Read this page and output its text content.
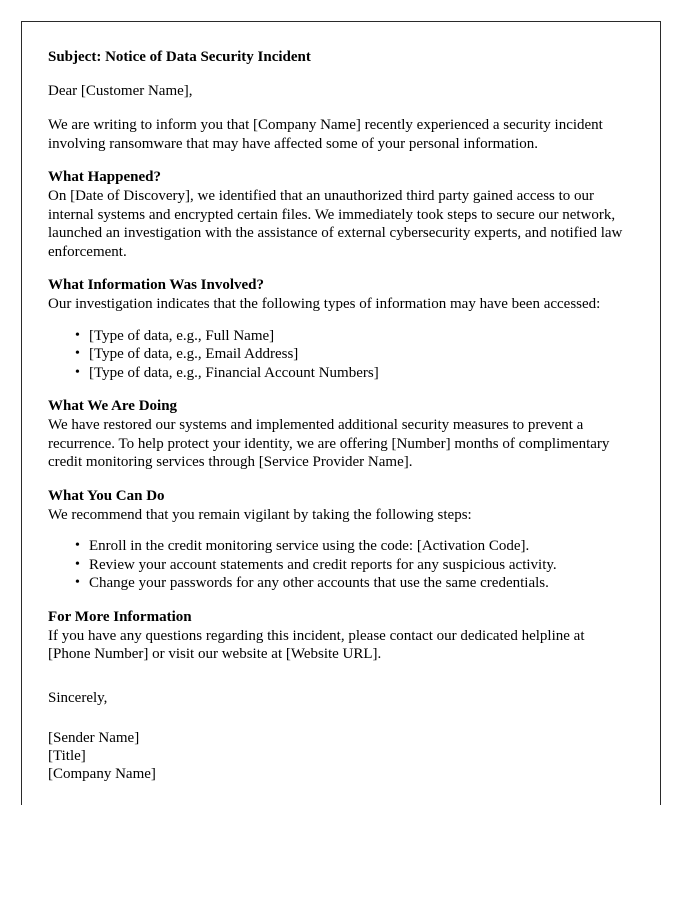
Subject: Notice of Data Security Incident

Dear [Customer Name],

We are writing to inform you that [Company Name] recently experienced a security incident involving ransomware that may have affected some of your personal information.

What Happened?

On [Date of Discovery], we identified that an unauthorized third party gained access to our internal systems and encrypted certain files. We immediately took steps to secure our network, launched an investigation with the assistance of external cybersecurity experts, and notified law enforcement.

What Information Was Involved?

Our investigation indicates that the following types of information may have been accessed:

• [Type of data, e.g., Full Name]
• [Type of data, e.g., Email Address]
• [Type of data, e.g., Financial Account Numbers]

What We Are Doing

We have restored our systems and implemented additional security measures to prevent a recurrence. To help protect your identity, we are offering [Number] months of complimentary credit monitoring services through [Service Provider Name].

What You Can Do

We recommend that you remain vigilant by taking the following steps:

• Enroll in the credit monitoring service using the code: [Activation Code].
• Review your account statements and credit reports for any suspicious activity.
• Change your passwords for any other accounts that use the same credentials.

For More Information

If you have any questions regarding this incident, please contact our dedicated helpline at [Phone Number] or visit our website at [Website URL].

Sincerely,

[Sender Name]

[Title]

[Company Name]
